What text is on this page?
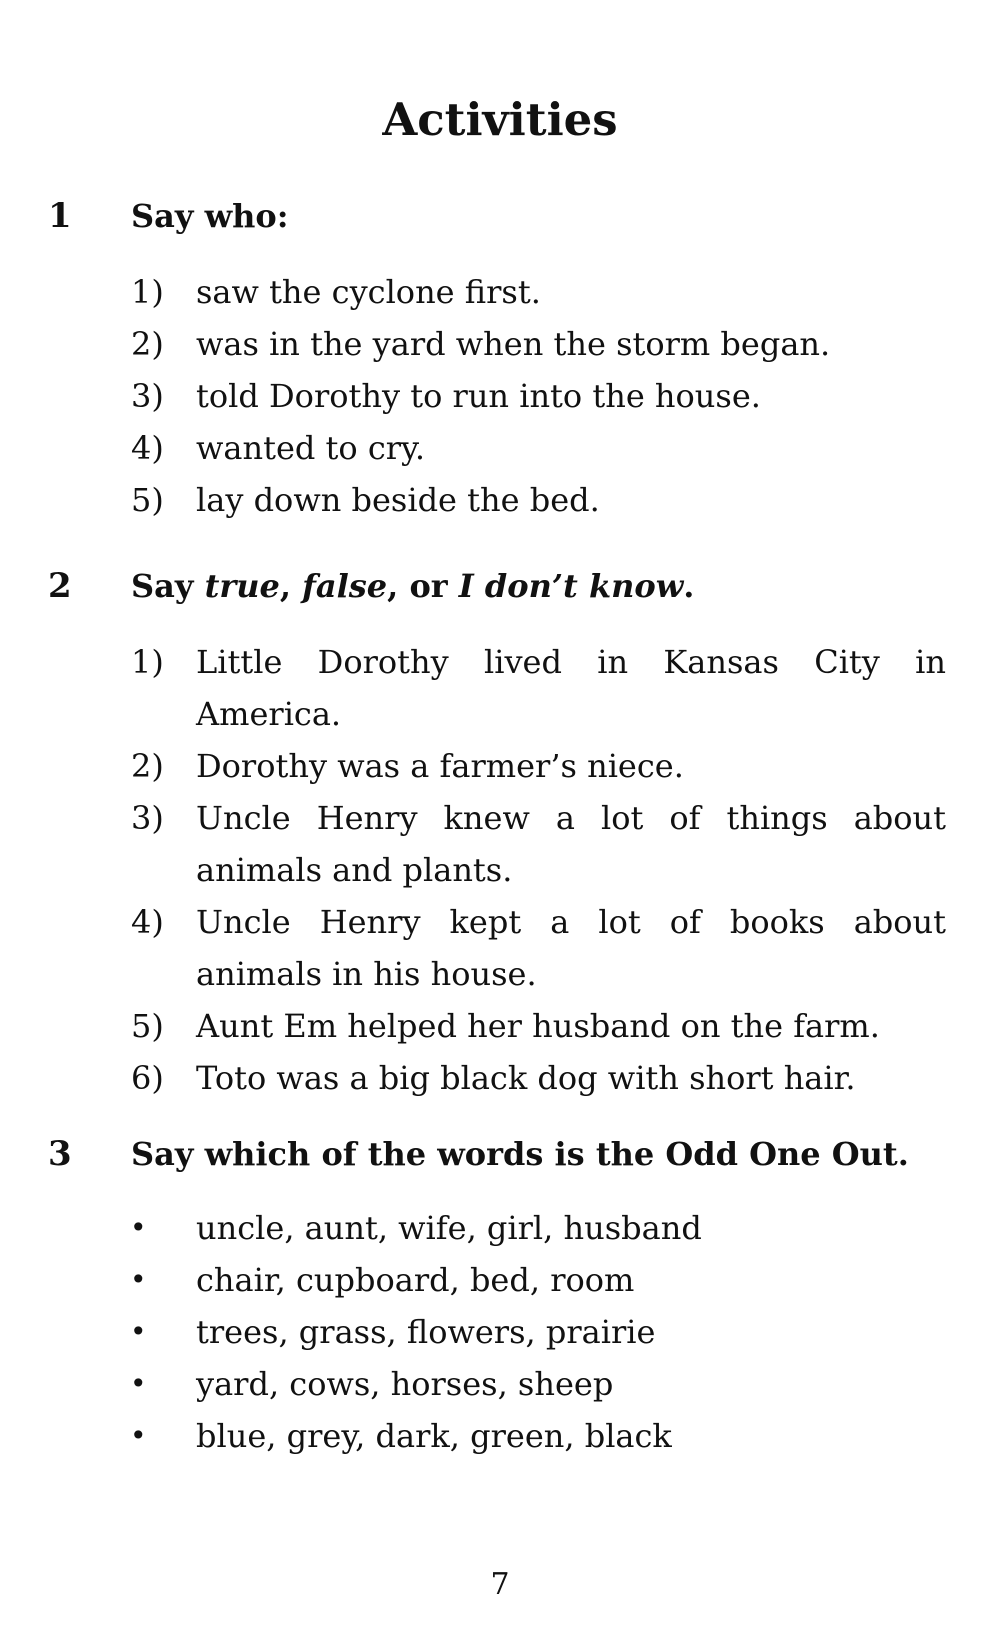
Activities
1	Say who:
1)	saw the cyclone first.
2)	was in the yard when the storm began.
3)	told Dorothy to run into the house.
4)	wanted to cry.
5)	lay down beside the bed.
2	Say true, false, or I don’t know.
1)	Little Dorothy lived in Kansas City in America.
2)	Dorothy was a farmer’s niece.
3)	Uncle Henry knew a lot of things about animals and plants.
4)	Uncle Henry kept a lot of books about animals in his house.
5)	Aunt Em helped her husband on the farm.
6)	Toto was a big black dog with short hair.
3	Say which of the words is the Odd One Out.
• uncle, aunt, wife, girl, husband
• chair, cupboard, bed, room
• trees, grass, flowers, prairie
• yard, cows, horses, sheep
• blue, grey, dark, green, black
7
